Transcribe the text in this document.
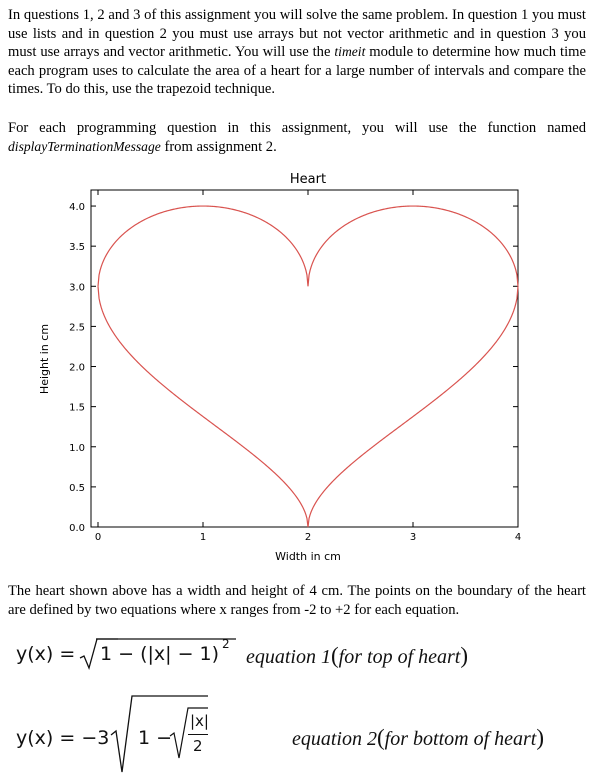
In questions 1, 2 and 3 of this assignment you will solve the same problem. In question 1 you must use lists and in question 2 you must use arrays but not vector arithmetic and in question 3 you must use arrays and vector arithmetic. You will use the timeit module to determine how much time each program uses to calculate the area of a heart for a large number of intervals and compare the times. To do this, use the trapezoid technique.
For each programming question in this assignment, you will use the function named displayTerminationMessage from assignment 2.
Heart
0	1	2	3	4
0.0
0.5
1.0
1.5
2.0
2.5
3.0
3.5
4.0
Width in cm
Height in cm
The heart shown above has a width and height of 4 cm. The points on the boundary of the heart are defined by two equations where x ranges from -2 to +2 for each equation.
y(x) = 1 − (|x| − 1) 2
equation 1(for top of heart)
y(x) = −3 1 −
|x|
2	equation 2(for bottom of heart)
